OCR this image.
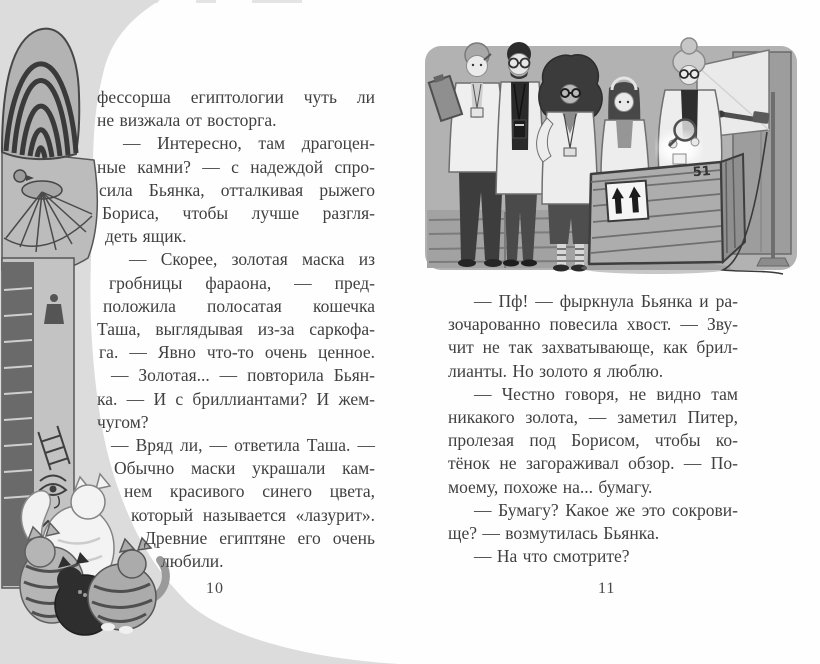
51
фессорша египтологии чуть ли
не визжала от восторга.
— Интересно, там драгоцен-
ные камни? — с надеждой спро-
сила Бьянка, отталкивая рыжего
Бориса, чтобы лучше разгля-
деть ящик.
— Скорее, золотая маска из
гробницы фараона, — пред-
положила полосатая кошечка
Таша, выглядывая из-за саркофа-
га. — Явно что-то очень ценное.
— Золотая... — повторила Бьян-
ка. — И с бриллиантами? И жем-
чугом?
— Вряд ли, — ответила Таша. —
Обычно маски украшали кам-
нем красивого синего цвета,
который называется «лазурит».
Древние египтяне его очень
любили.
— Пф! — фыркнула Бьянка и ра-
зочарованно повесила хвост. — Зву-
чит не так захватывающе, как брил-
лианты. Но золото я люблю.
— Честно говоря, не видно там
никакого золота, — заметил Питер,
пролезая под Борисом, чтобы ко-
тёнок не загораживал обзор. — По-
моему, похоже на... бумагу.
— Бумагу? Какое же это сокрови-
ще? — возмутилась Бьянка.
— На что смотрите?
10	11
